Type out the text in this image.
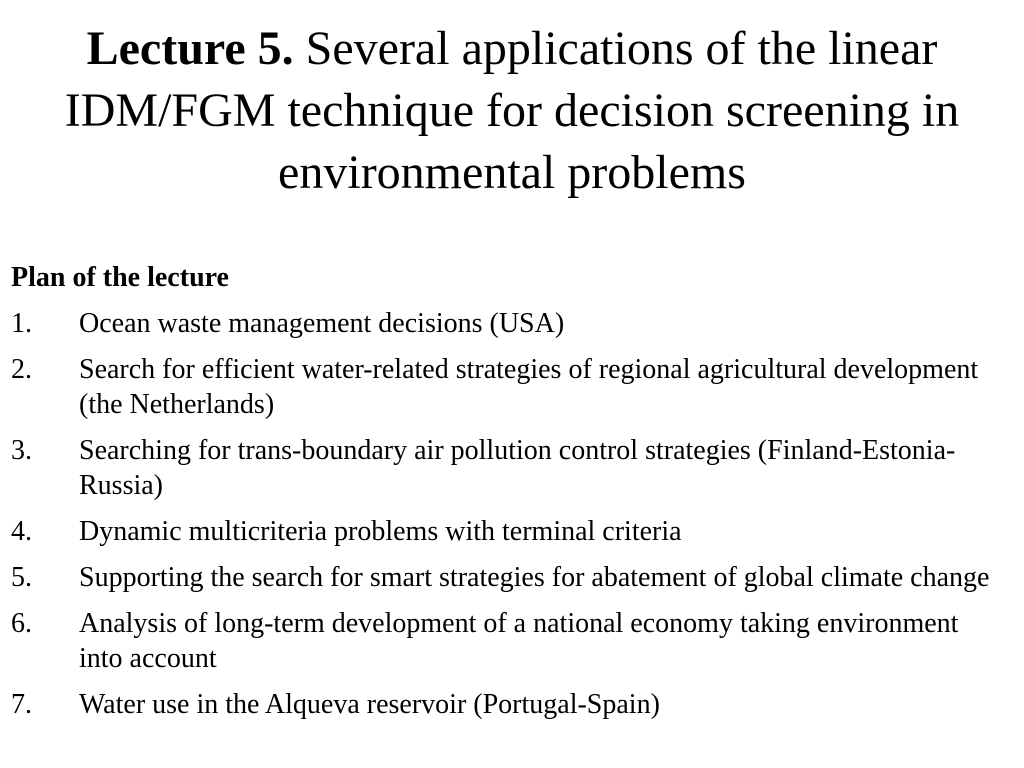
Lecture 5. Several applications of the linear IDM/FGM technique for decision screening in environmental problems
Plan of the lecture
1. Ocean waste management decisions (USA)
2. Search for efficient water-related strategies of regional agricultural development (the Netherlands)
3. Searching for trans-boundary air pollution control strategies (Finland-Estonia-Russia)
4. Dynamic multicriteria problems with terminal criteria
5. Supporting the search for smart strategies for abatement of global climate change
6. Analysis of long-term development of a national economy taking environment into account
7. Water use in the Alqueva reservoir (Portugal-Spain)
